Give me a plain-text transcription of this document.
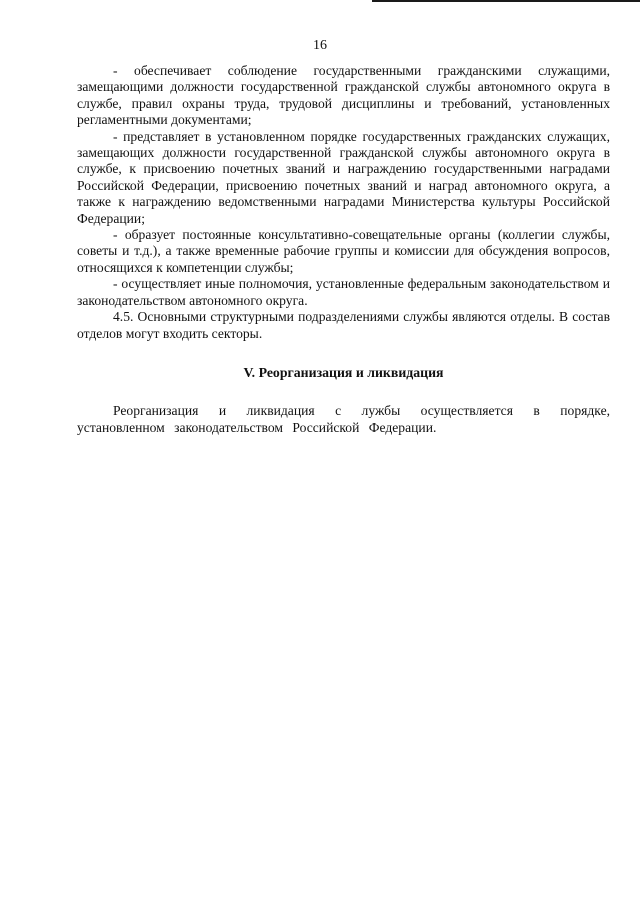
16

- обеспечивает соблюдение государственными гражданскими служащими, замещающими должности государственной гражданской службы автономного округа в службе, правил охраны труда, трудовой дисциплины и требований, установленных регламентными документами;

- представляет в установленном порядке государственных гражданских служащих, замещающих должности государственной гражданской службы автономного округа в службе, к присвоению почетных званий и награждению государственными наградами Российской Федерации, присвоению почетных званий и наград автономного округа, а также к награждению ведомственными наградами Министерства культуры Российской Федерации;

- образует постоянные консультативно-совещательные органы (коллегии службы, советы и т.д.), а также временные рабочие группы и комиссии для обсуждения вопросов, относящихся к компетенции службы;

- осуществляет иные полномочия, установленные федеральным законодательством и законодательством автономного округа.

4.5. Основными структурными подразделениями службы являются отделы. В состав отделов могут входить секторы.

V. Реорганизация и ликвидация

Реорганизация и ликвидация с лужбы осуществляется в порядке, установленном законодательством Российской Федерации.
